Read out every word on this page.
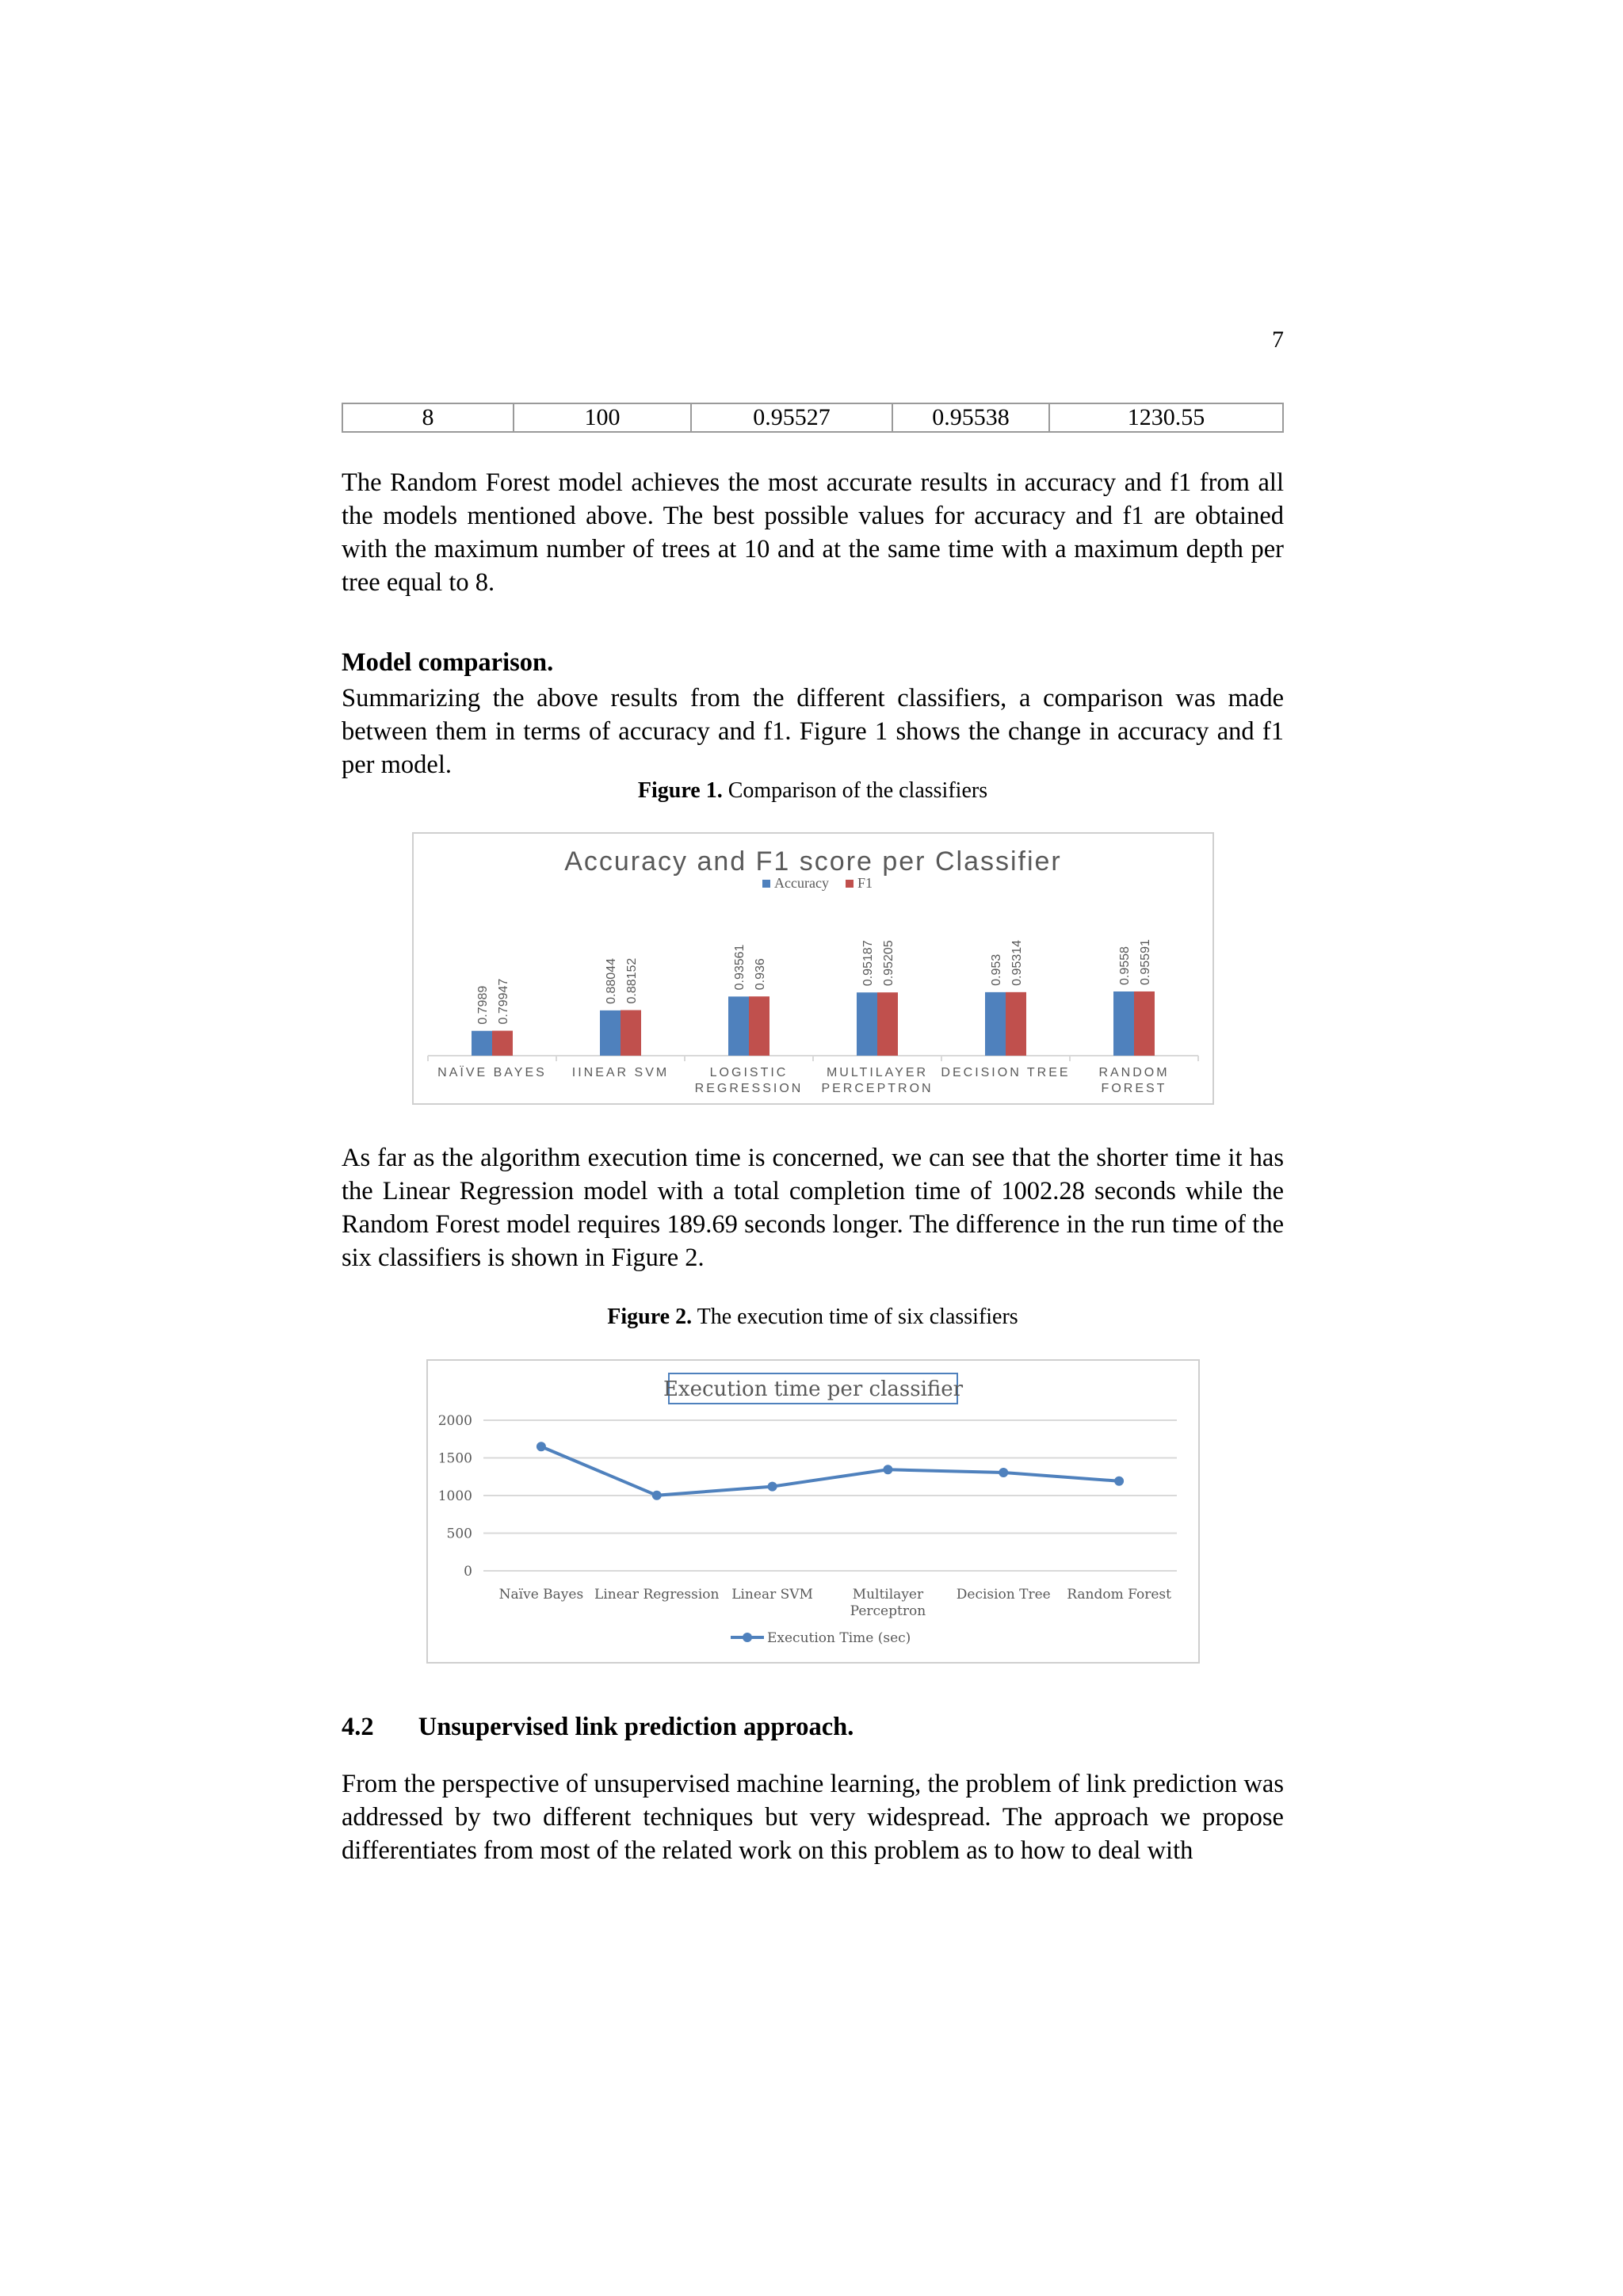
7
8	100	0.95527	0.95538	1230.55

The Random Forest model achieves the most accurate results in accuracy and f1 from all the models mentioned above. The best possible values for accuracy and f1 are obtained with the maximum number of trees at 10 and at the same time with a maximum depth per tree equal to 8.

Model comparison.

Summarizing the above results from the different classifiers, a comparison was made between them in terms of accuracy and f1. Figure 1 shows the change in accuracy and f1 per model.

Figure 1. Comparison of the classifiers
Accuracy and F1 score per Classifier
Accuracy F1
0.7989 0.79947
NAÏVE BAYES
0.88044 0.88152
IINEAR SVM
0.93561 0.936
LOGISTIC
REGRESSION
0.95187 0.95205
MULTILAYER
PERCEPTRON
0.953 0.95314
DECISION TREE
0.9558 0.95591
RANDOM
FOREST

As far as the algorithm execution time is concerned, we can see that the shorter time it has the Linear Regression model with a total completion time of 1002.28 seconds while the Random Forest model requires 189.69 seconds longer. The difference in the run time of the six classifiers is shown in Figure 2.

Figure 2. The execution time of six classifiers
Execution time per classifier
2000
1500
1000
500
0
Naïve Bayes Linear Regression Linear SVM	Multilayer
Perceptron
Decision Tree Random Forest
Execution Time (sec)
4.2 Unsupervised link prediction approach.

From the perspective of unsupervised machine learning, the problem of link prediction was addressed by two different techniques but very widespread. The approach we propose differentiates from most of the related work on this problem as to how to deal with
